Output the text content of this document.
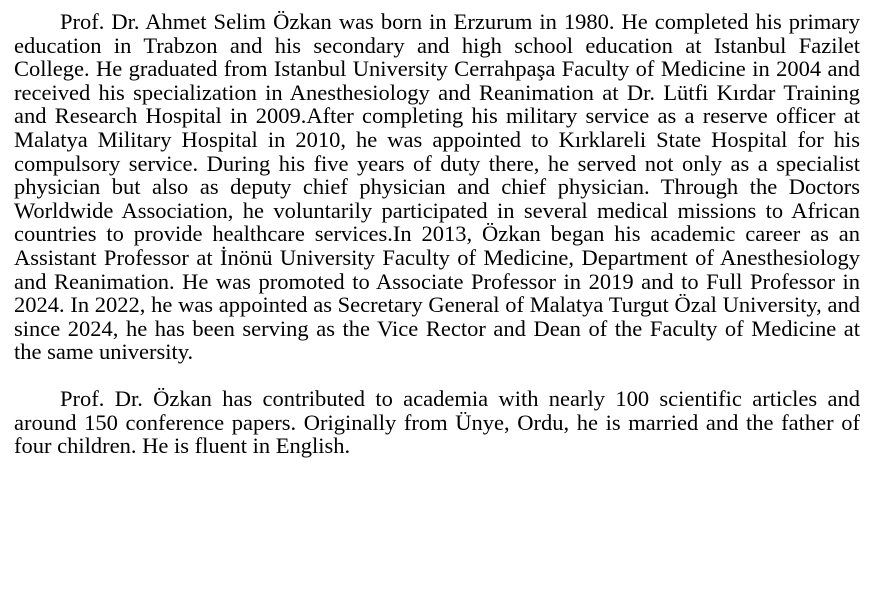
Prof. Dr. Ahmet Selim Özkan was born in Erzurum in 1980. He completed his primary education in Trabzon and his secondary and high school education at Istanbul Fazilet College. He graduated from Istanbul University Cerrahpaşa Faculty of Medicine in 2004 and received his specialization in Anesthesiology and Reanimation at Dr. Lütfi Kırdar Training and Research Hospital in 2009.After completing his military service as a reserve officer at Malatya Military Hospital in 2010, he was appointed to Kırklareli State Hospital for his compulsory service. During his five years of duty there, he served not only as a specialist physician but also as deputy chief physician and chief physician. Through the Doctors Worldwide Association, he voluntarily participated in several medical missions to African countries to provide healthcare services.In 2013, Özkan began his academic career as an Assistant Professor at İnönü University Faculty of Medicine, Department of Anesthesiology and Reanimation. He was promoted to Associate Professor in 2019 and to Full Professor in 2024. In 2022, he was appointed as Secretary General of Malatya Turgut Özal University, and since 2024, he has been serving as the Vice Rector and Dean of the Faculty of Medicine at the same university.

Prof. Dr. Özkan has contributed to academia with nearly 100 scientific articles and around 150 conference papers. Originally from Ünye, Ordu, he is married and the father of four children. He is fluent in English.
